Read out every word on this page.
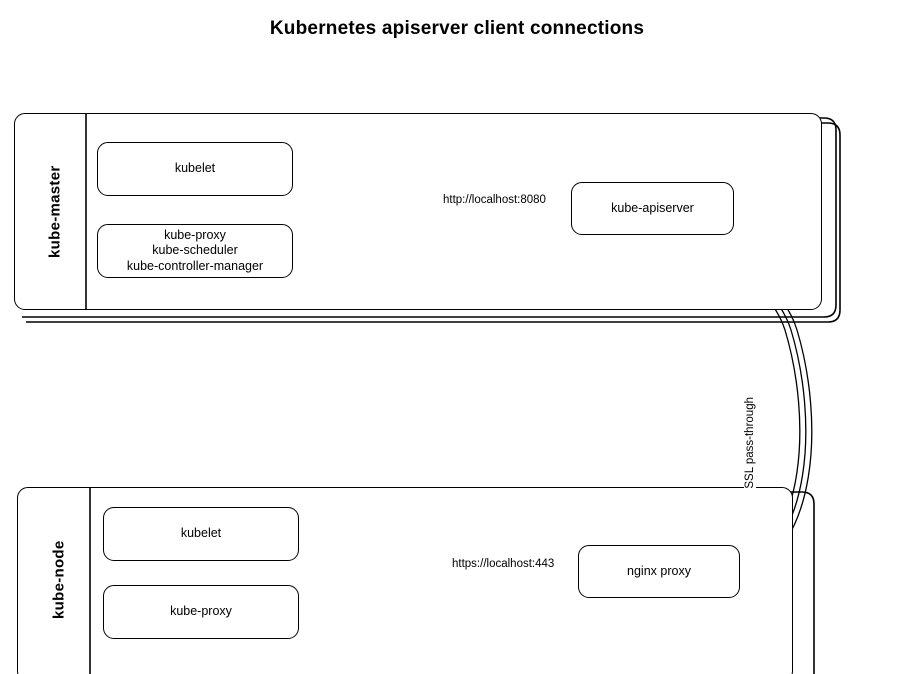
Kubernetes apiserver client connections
kube-master	kubelet
kube-proxy
kube-scheduler
kube-controller-manager
kube-apiserver
http://localhost:8080
kube-node
kubelet
kube-proxy
nginx proxy
https://localhost:443
SSL pass-through
